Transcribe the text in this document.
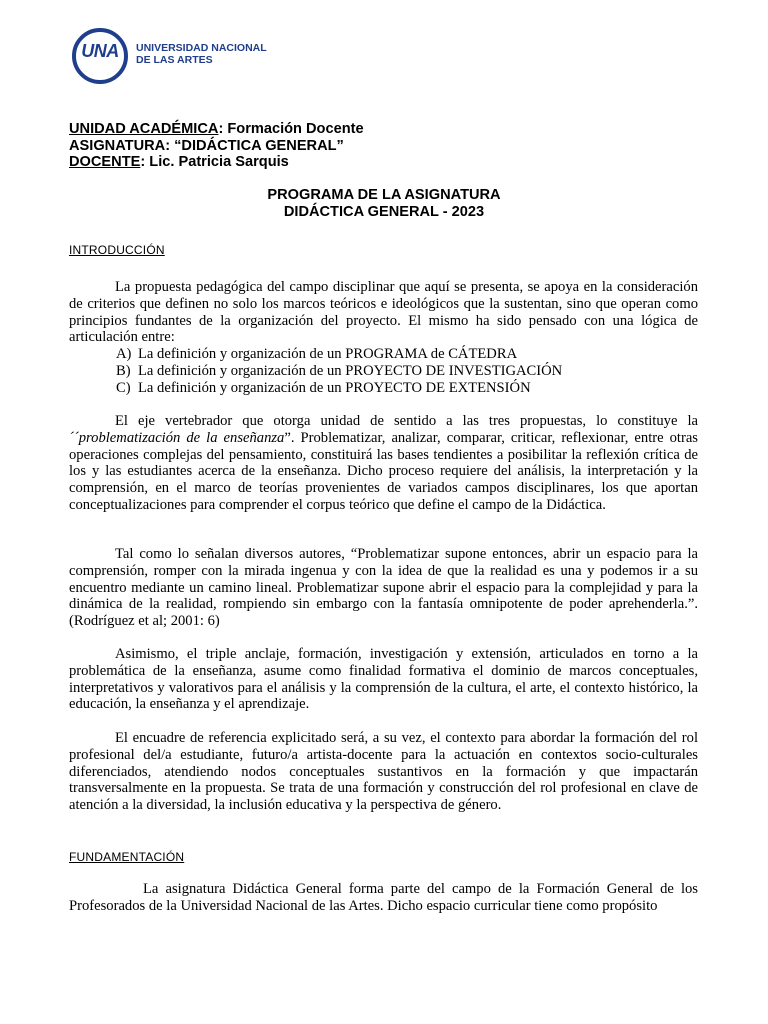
UNA	UNIVERSIDAD NACIONAL
DE LAS ARTES
UNIDAD ACADÉMICA: Formación Docente
ASIGNATURA: “DIDÁCTICA GENERAL”
DOCENTE: Lic. Patricia Sarquis
PROGRAMA DE LA ASIGNATURA
DIDÁCTICA GENERAL - 2023
INTRODUCCIÓN
La propuesta pedagógica del campo disciplinar que aquí se presenta, se apoya en la consideración de criterios que definen no solo los marcos teóricos e ideológicos que la sustentan, sino que operan como principios fundantes de la organización del proyecto. El mismo ha sido pensado con una lógica de articulación entre:
A) La definición y organización de un PROGRAMA de CÁTEDRA
B) La definición y organización de un PROYECTO DE INVESTIGACIÓN
C) La definición y organización de un PROYECTO DE EXTENSIÓN
El eje vertebrador que otorga unidad de sentido a las tres propuestas, lo constituye la ´´problematización de la enseñanza”. Problematizar, analizar, comparar, criticar, reflexionar, entre otras operaciones complejas del pensamiento, constituirá las bases tendientes a posibilitar la reflexión crítica de los y las estudiantes acerca de la enseñanza. Dicho proceso requiere del análisis, la interpretación y la comprensión, en el marco de teorías provenientes de variados campos disciplinares, los que aportan conceptualizaciones para comprender el corpus teórico que define el campo de la Didáctica.
Tal como lo señalan diversos autores, “Problematizar supone entonces, abrir un espacio para la comprensión, romper con la mirada ingenua y con la idea de que la realidad es una y podemos ir a su encuentro mediante un camino lineal. Problematizar supone abrir el espacio para la complejidad y para la dinámica de la realidad, rompiendo sin embargo con la fantasía omnipotente de poder aprehenderla.”. (Rodríguez et al; 2001: 6)
Asimismo, el triple anclaje, formación, investigación y extensión, articulados en torno a la problemática de la enseñanza, asume como finalidad formativa el dominio de marcos conceptuales, interpretativos y valorativos para el análisis y la comprensión de la cultura, el arte, el contexto histórico, la educación, la enseñanza y el aprendizaje.
El encuadre de referencia explicitado será, a su vez, el contexto para abordar la formación del rol profesional del/a estudiante, futuro/a artista-docente para la actuación en contextos socio-culturales diferenciados, atendiendo nodos conceptuales sustantivos en la formación y que impactarán transversalmente en la propuesta. Se trata de una formación y construcción del rol profesional en clave de atención a la diversidad, la inclusión educativa y la perspectiva de género.
FUNDAMENTACIÓN
La asignatura Didáctica General forma parte del campo de la Formación General de los Profesorados de la Universidad Nacional de las Artes. Dicho espacio curricular tiene como propósito
